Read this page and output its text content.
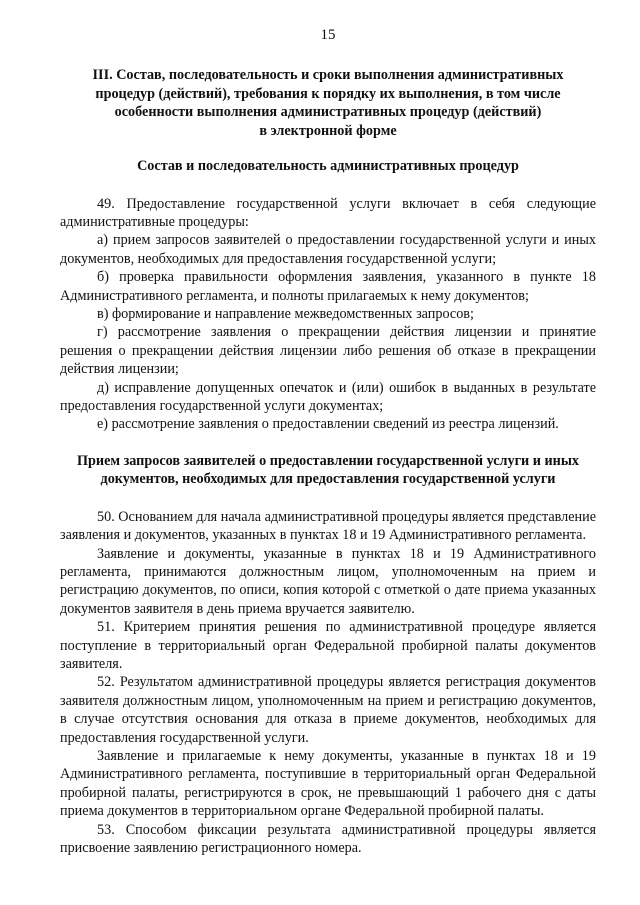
15
III. Состав, последовательность и сроки выполнения административных
процедур (действий), требования к порядку их выполнения, в том числе
особенности выполнения административных процедур (действий)
в электронной форме
Состав и последовательность административных процедур

49. Предоставление государственной услуги включает в себя следующие административные процедуры:

а) прием запросов заявителей о предоставлении государственной услуги и иных документов, необходимых для предоставления государственной услуги;

б) проверка правильности оформления заявления, указанного в пункте 18 Административного регламента, и полноты прилагаемых к нему документов;

в) формирование и направление межведомственных запросов;

г) рассмотрение заявления о прекращении действия лицензии и принятие решения о прекращении действия лицензии либо решения об отказе в прекращении действия лицензии;

д) исправление допущенных опечаток и (или) ошибок в выданных в результате предоставления государственной услуги документах;

е) рассмотрение заявления о предоставлении сведений из реестра лицензий.

Прием запросов заявителей о предоставлении государственной услуги и иных
документов, необходимых для предоставления государственной услуги

50. Основанием для начала административной процедуры является представление заявления и документов, указанных в пунктах 18 и 19 Административного регламента.

Заявление и документы, указанные в пунктах 18 и 19 Административного регламента, принимаются должностным лицом, уполномоченным на прием и регистрацию документов, по описи, копия которой с отметкой о дате приема указанных документов заявителя в день приема вручается заявителю.

51. Критерием принятия решения по административной процедуре является поступление в территориальный орган Федеральной пробирной палаты документов заявителя.

52. Результатом административной процедуры является регистрация документов заявителя должностным лицом, уполномоченным на прием и регистрацию документов, в случае отсутствия основания для отказа в приеме документов, необходимых для предоставления государственной услуги.

Заявление и прилагаемые к нему документы, указанные в пунктах 18 и 19 Административного регламента, поступившие в территориальный орган Федеральной пробирной палаты, регистрируются в срок, не превышающий 1 рабочего дня с даты приема документов в территориальном органе Федеральной пробирной палаты.

53. Способом фиксации результата административной процедуры является присвоение заявлению регистрационного номера.
